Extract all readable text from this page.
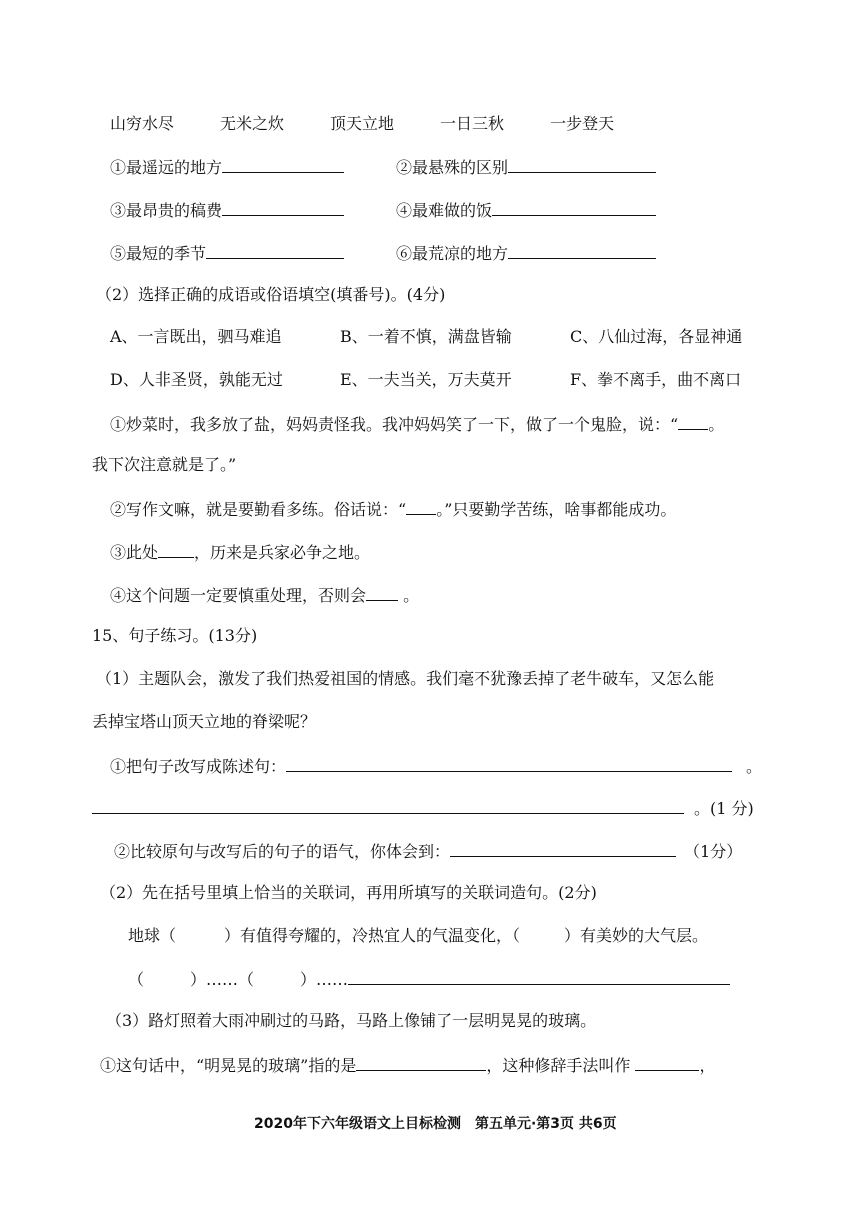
山穷水尽	无米之炊	顶天立地	一日三秋	一步登天
①最遥远的地方	②最悬殊的区别
③最昂贵的稿费	④最难做的饭
⑤最短的季节	⑥最荒凉的地方
（2）选择正确的成语或俗语填空(填番号)。(4分)
A、一言既出，驷马难追	B、一着不慎，满盘皆输	C、八仙过海，各显神通
D、人非圣贤，孰能无过	E、一夫当关，万夫莫开	F、拳不离手，曲不离口
①炒菜时，我多放了盐，妈妈责怪我。我冲妈妈笑了一下，做了一个鬼脸，说：“ 。
我下次注意就是了。”
②写作文嘛，就是要勤看多练。俗话说：“ 。”只要勤学苦练，啥事都能成功。
③此处 ，历来是兵家必争之地。
④这个问题一定要慎重处理，否则会 。
15、句子练习。(13分)
（1）主题队会，激发了我们热爱祖国的情感。我们毫不犹豫丢掉了老牛破车，又怎么能
丢掉宝塔山顶天立地的脊梁呢？
①把句子改写成陈述句：	。
。(1 分)
②比较原句与改写后的句子的语气，你体会到：	（1分）
（2）先在括号里填上恰当的关联词，再用所填写的关联词造句。(2分)
地球（	）有值得夸耀的，冷热宜人的气温变化，（	）有美妙的大气层。
（	）……（	）……
（3）路灯照着大雨冲刷过的马路，马路上像铺了一层明晃晃的玻璃。
①这句话中，“明晃晃的玻璃”指的是	，这种修辞手法叫作	，
2020年下六年级语文上目标检测　第五单元·第3页 共6页
